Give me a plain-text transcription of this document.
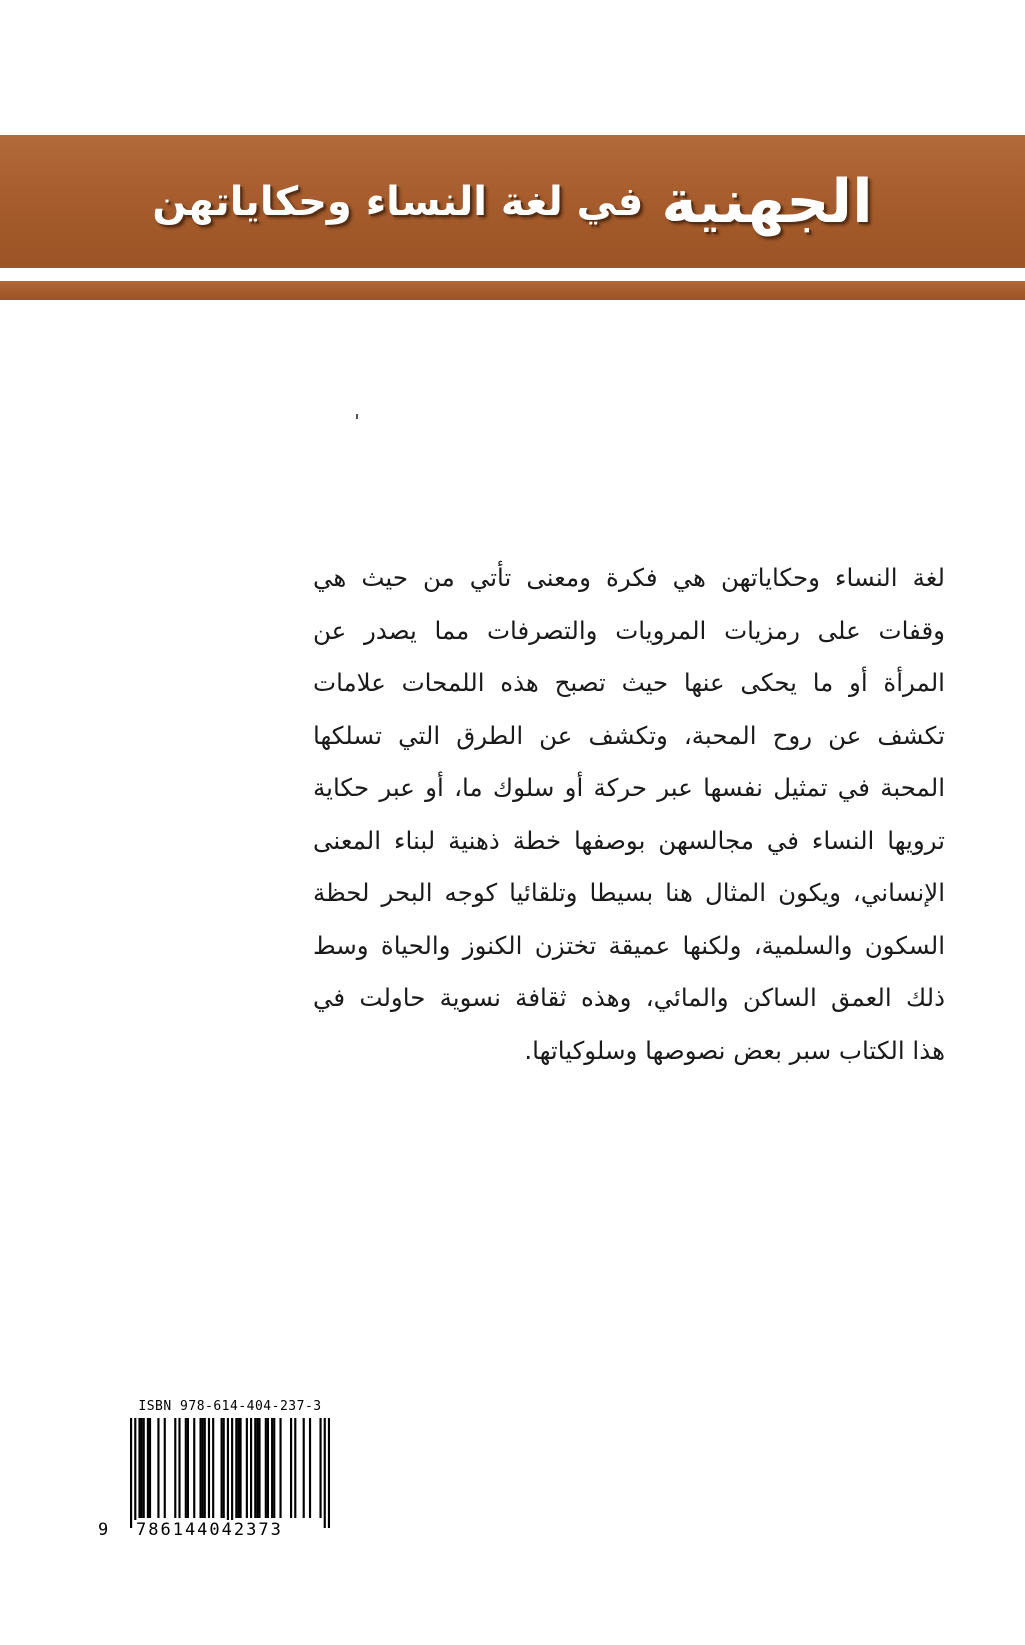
الجهنية
في لغة النساء وحكاياتهن
لغة النساء وحكاياتهن هي فكرة ومعنى تأتي من حيث هي
وقفات على رمزيات المرويات والتصرفات مما يصدر عن
المرأة أو ما يحكى عنها حيث تصبح هذه اللمحات علامات
تكشف عن روح المحبة، وتكشف عن الطرق التي تسلكها
المحبة في تمثيل نفسها عبر حركة أو سلوك ما، أو عبر حكاية
ترويها النساء في مجالسهن بوصفها خطة ذهنية لبناء المعنى
الإنساني، ويكون المثال هنا بسيطا وتلقائيا كوجه البحر لحظة
السكون والسلمية، ولكنها عميقة تختزن الكنوز والحياة وسط
ذلك العمق الساكن والمائي، وهذه ثقافة نسوية حاولت في
هذا الكتاب سبر بعض نصوصها وسلوكياتها.
ISBN 978-614-404-237-3
9 786144042373
